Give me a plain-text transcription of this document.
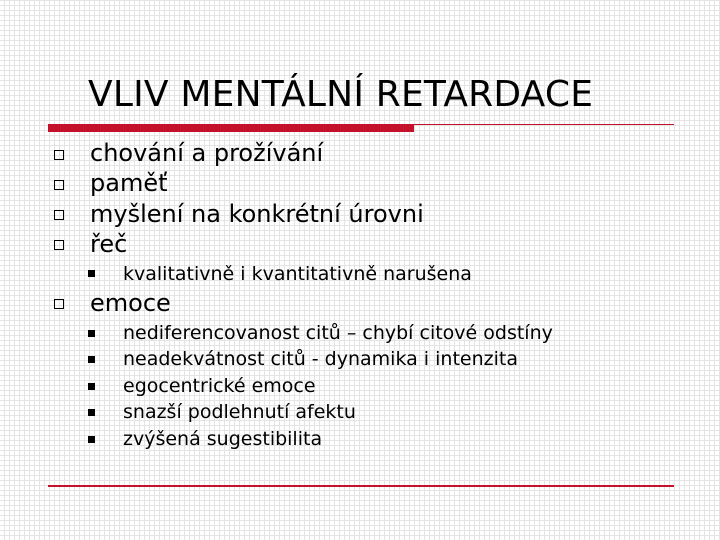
VLIV MENTÁLNÍ RETARDACE
chování a prožívání
paměť
myšlení na konkrétní úrovni
řeč
kvalitativně i kvantitativně narušena
emoce
nediferencovanost citů – chybí citové odstíny
neadekvátnost citů - dynamika i intenzita
egocentrické emoce
snazší podlehnutí afektu
zvýšená sugestibilita
